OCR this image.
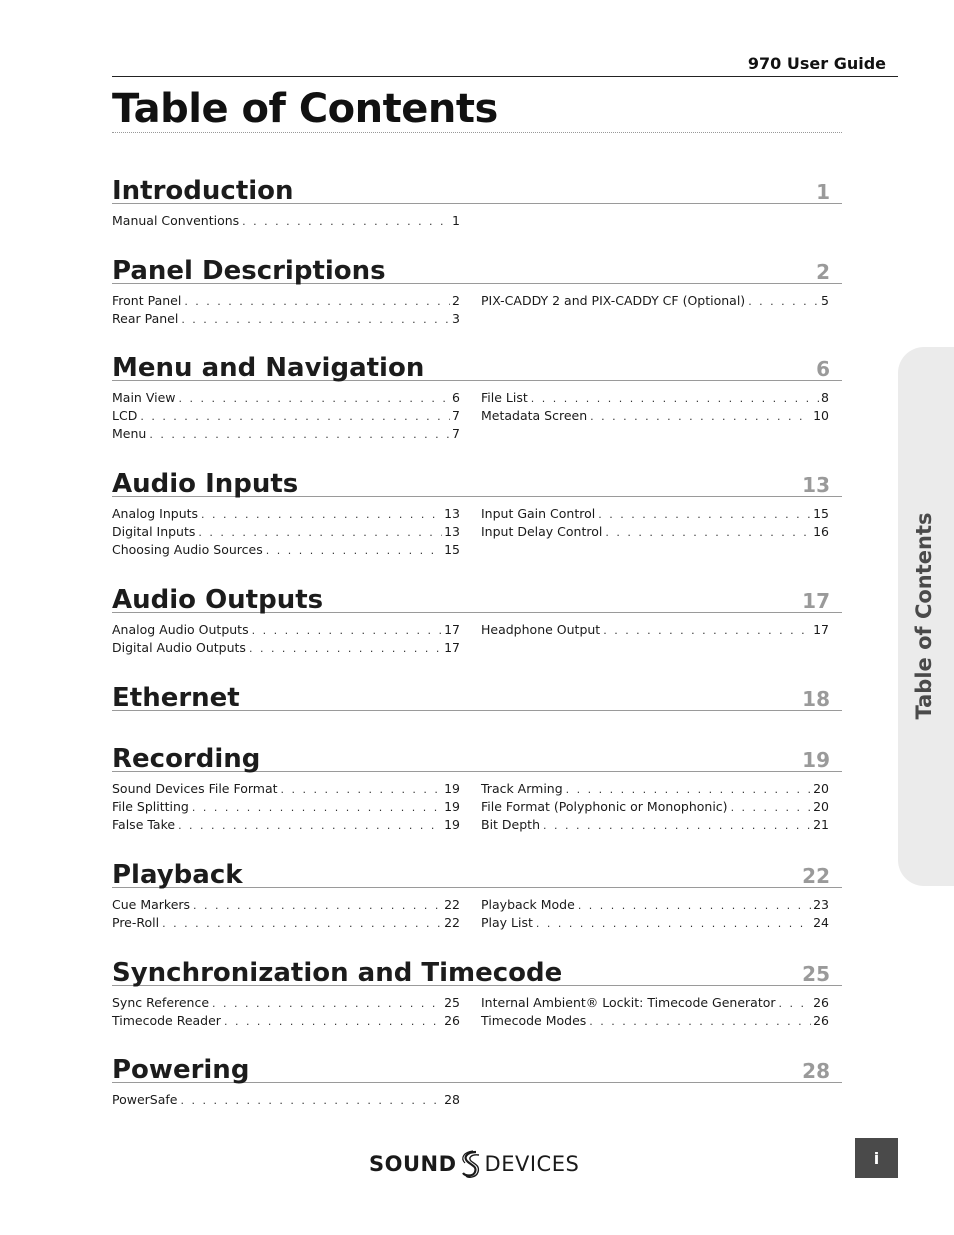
970 User Guide
Table of Contents
Introduction	1
Manual Conventions . . .	1
Panel Descriptions	2
Front Panel . . .	2
Rear Panel . . .	3
PIX-CADDY 2 and PIX-CADDY CF (Optional) . . .	5
Menu and Navigation	6
Main View . . .	6
LCD . . .	7
Menu . . .	7
File List . . .	8
Metadata Screen . . .	10
Audio Inputs	13
Analog Inputs . . .	13
Digital Inputs . . .	13
Choosing Audio Sources . . .	15
Input Gain Control . . .	15
Input Delay Control . . .	16
Audio Outputs	17
Analog Audio Outputs . . .	17
Digital Audio Outputs . . .	17
Headphone Output . . .	17
Ethernet	18
Recording	19
Sound Devices File Format . . .	19
File Splitting . . .	19
False Take . . .	19
Track Arming . . .	20
File Format (Polyphonic or Monophonic) . . .	20
Bit Depth . . .	21
Playback	22
Cue Markers . . .	22
Pre-Roll . . .	22
Playback Mode . . .	23
Play List . . .	24
Synchronization and Timecode	25
Sync Reference . . .	25
Timecode Reader . . .	26
Internal Ambient® Lockit: Timecode Generator . . .	26
Timecode Modes . . .	26
Powering	28
PowerSafe . . .	28
Table of Contents
SOUND DEVICES	i
